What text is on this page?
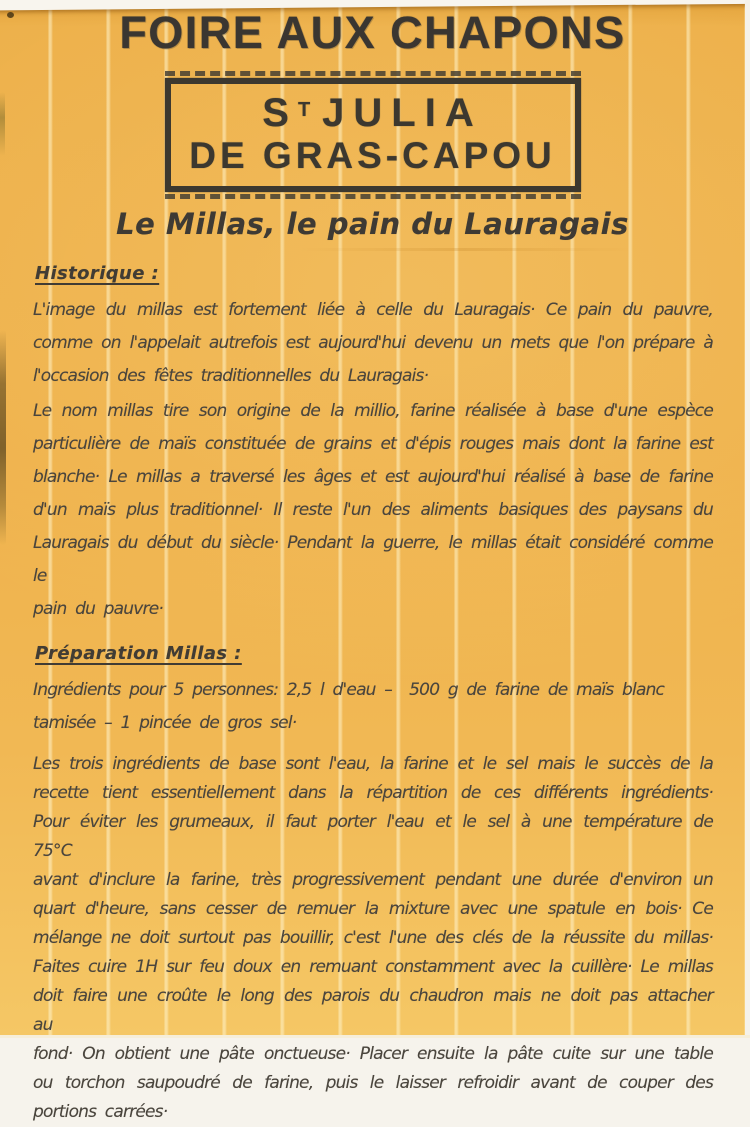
FOIRE AUX CHAPONS
$S^T$ JULIA
DE GRAS-CAPOU
Le Millas, le pain du Lauragais
Historique :
L'image du millas est fortement liée à celle du Lauragais· Ce pain du pauvre,
comme on l'appelait autrefois est aujourd'hui devenu un mets que l'on prépare à
l'occasion des fêtes traditionnelles du Lauragais·
Le nom millas tire son origine de la millio, farine réalisée à base d'une espèce
particulière de maïs constituée de grains et d'épis rouges mais dont la farine est
blanche· Le millas a traversé les âges et est aujourd'hui réalisé à base de farine
d'un maïs plus traditionnel· Il reste l'un des aliments basiques des paysans du
Lauragais du début du siècle· Pendant la guerre, le millas était considéré comme le
pain du pauvre·
Préparation Millas :
Ingrédients pour 5 personnes: 2,5 l d'eau –  500 g de farine de maïs blanc
tamisée – 1 pincée de gros sel·
Les trois ingrédients de base sont l'eau, la farine et le sel mais le succès de la
recette tient essentiellement dans la répartition de ces différents ingrédients·
Pour éviter les grumeaux, il faut porter l'eau et le sel à une température de 75°C
avant d'inclure la farine, très progressivement pendant une durée d'environ un
quart d'heure, sans cesser de remuer la mixture avec une spatule en bois· Ce
mélange ne doit surtout pas bouillir, c'est l'une des clés de la réussite du millas·
Faites cuire 1H sur feu doux en remuant constamment avec la cuillère· Le millas
doit faire une croûte le long des parois du chaudron mais ne doit pas attacher au
fond· On obtient une pâte onctueuse· Placer ensuite la pâte cuite sur une table
ou torchon saupoudré de farine, puis le laisser refroidir avant de couper des
portions carrées·
